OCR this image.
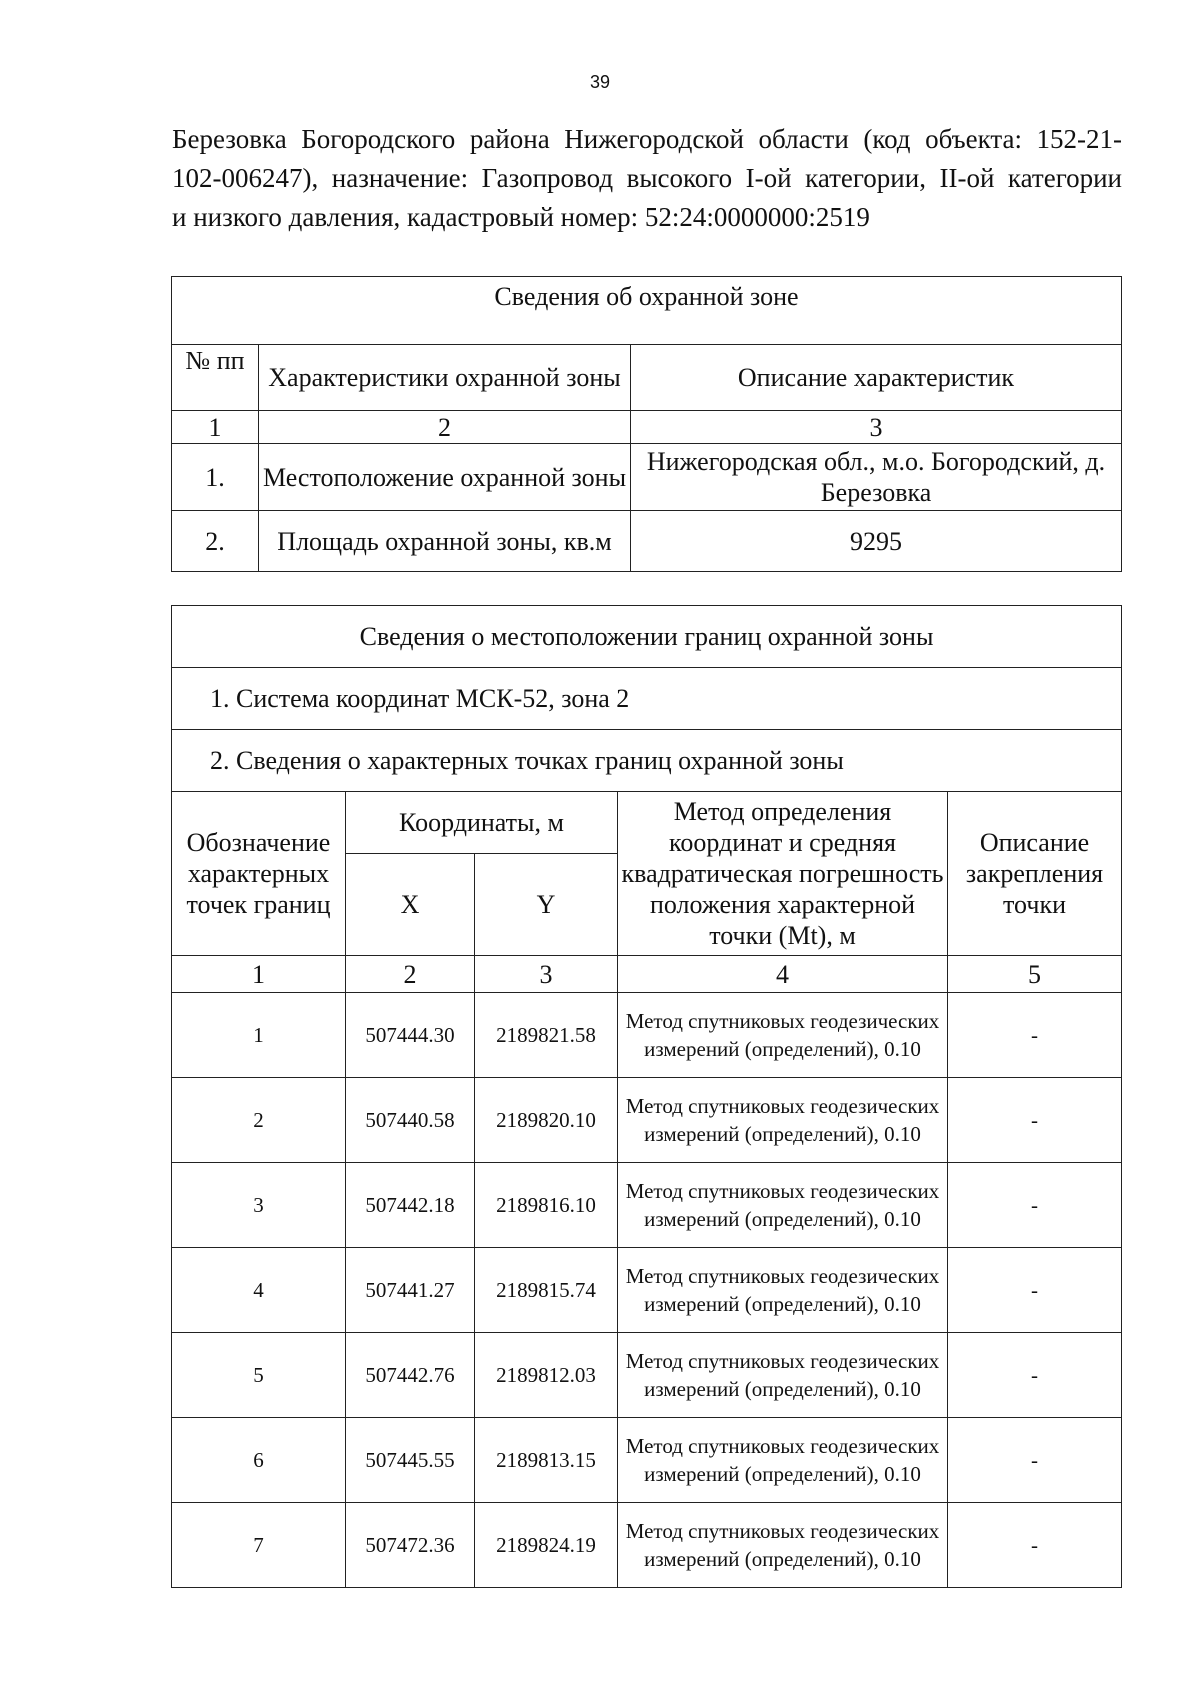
39

Березовка Богородского района Нижегородской области (код объекта: 152-21-
102-006247), назначение: Газопровод высокого I-ой категории, II-ой категории
и низкого давления, кадастровый номер: 52:24:0000000:2519

Сведения об охранной зоне		
№ пп	Характеристики охранной зоны	Описание характеристик
1	2	3
1.	Местоположение охранной зоны	Нижегородская обл., м.о. Богородский, д. Березовка
2.	Площадь охранной зоны, кв.м	9295
Сведения о местоположении границ охранной зоны				
1. Система координат МСК-52, зона 2				
2. Сведения о характерных точках границ охранной зоны				
Обозначение характерных точек границ	Координаты, м		Метод определения координат и средняя квадратическая погрешность положения характерной точки (Mt), м	Описание закрепления точки
	X	Y		
1	2	3	4	5
1	507444.30	2189821.58	Метод спутниковых геодезических измерений (определений), 0.10	-
2	507440.58	2189820.10	Метод спутниковых геодезических измерений (определений), 0.10	-
3	507442.18	2189816.10	Метод спутниковых геодезических измерений (определений), 0.10	-
4	507441.27	2189815.74	Метод спутниковых геодезических измерений (определений), 0.10	-
5	507442.76	2189812.03	Метод спутниковых геодезических измерений (определений), 0.10	-
6	507445.55	2189813.15	Метод спутниковых геодезических измерений (определений), 0.10	-
7	507472.36	2189824.19	Метод спутниковых геодезических измерений (определений), 0.10	-
